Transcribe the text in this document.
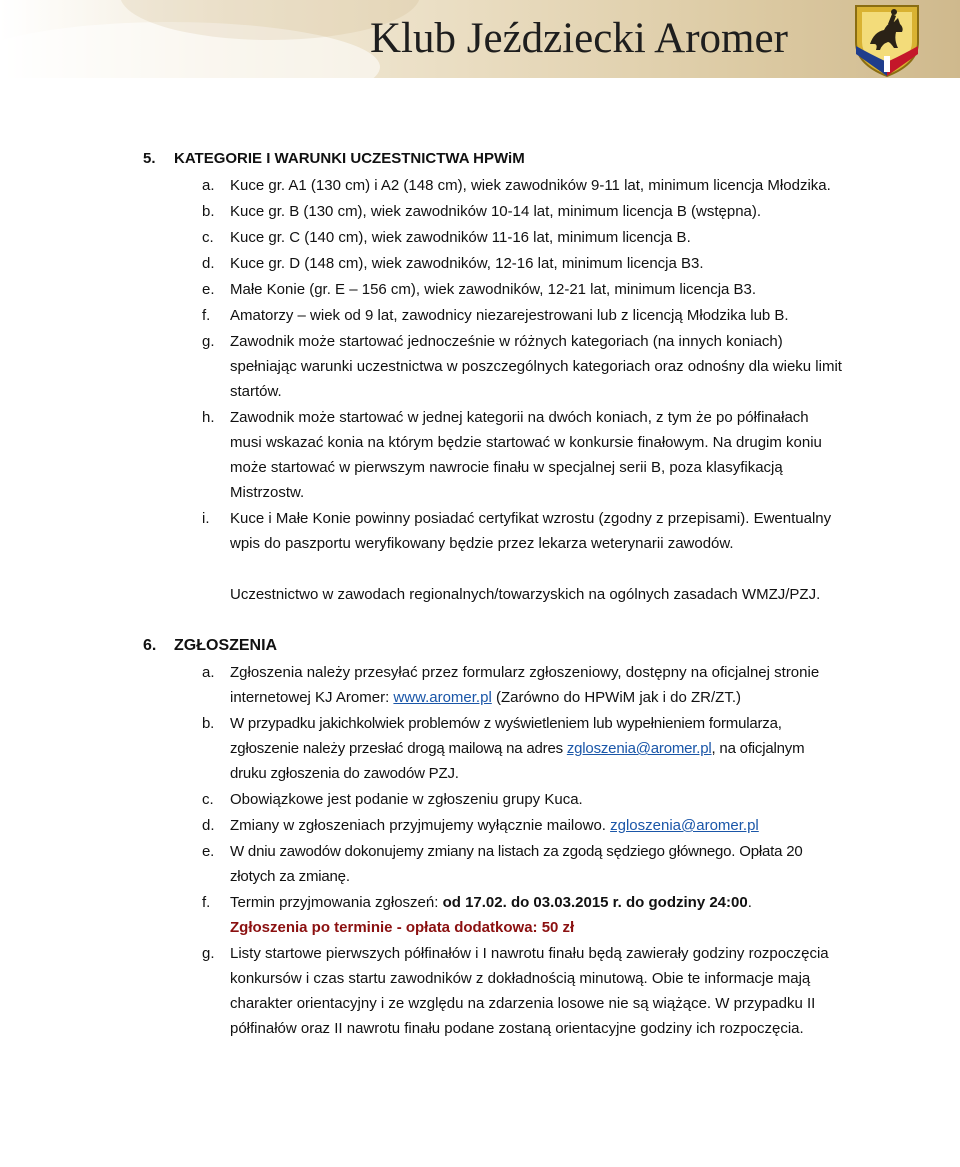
Klub Jeździecki Aromer
5. KATEGORIE I WARUNKI UCZESTNICTWA HPWiM
a. Kuce gr. A1 (130 cm) i A2 (148 cm), wiek zawodników 9-11 lat, minimum licencja Młodzika.
b. Kuce gr. B (130 cm), wiek zawodników 10-14 lat, minimum licencja B (wstępna).
c. Kuce gr. C (140 cm), wiek zawodników 11-16 lat, minimum licencja B.
d. Kuce gr. D (148 cm), wiek zawodników, 12-16 lat, minimum licencja B3.
e. Małe Konie (gr. E – 156 cm), wiek zawodników, 12-21 lat, minimum licencja B3.
f. Amatorzy – wiek od 9 lat, zawodnicy niezarejestrowani lub z licencją Młodzika lub B.
g. Zawodnik może startować jednocześnie w różnych kategoriach (na innych koniach) spełniając warunki uczestnictwa w poszczególnych kategoriach oraz odnośny dla wieku limit startów.
h. Zawodnik może startować w jednej kategorii na dwóch koniach, z tym że po półfinałach musi wskazać konia na którym będzie startować w konkursie finałowym. Na drugim koniu może startować w pierwszym nawrocie finału w specjalnej serii B, poza klasyfikacją Mistrzostw.
i. Kuce i Małe Konie powinny posiadać certyfikat wzrostu (zgodny z przepisami). Ewentualny wpis do paszportu weryfikowany będzie przez lekarza weterynarii zawodów.
Uczestnictwo w zawodach regionalnych/towarzyskich na ogólnych zasadach WMZJ/PZJ.
6. ZGŁOSZENIA
a. Zgłoszenia należy przesyłać przez formularz zgłoszeniowy, dostępny na oficjalnej stronie internetowej KJ Aromer: www.aromer.pl (Zarówno do HPWiM jak i do ZR/ZT.)
b. W przypadku jakichkolwiek problemów z wyświetleniem lub wypełnieniem formularza, zgłoszenie należy przesłać drogą mailową na adres zgloszenia@aromer.pl, na oficjalnym druku zgłoszenia do zawodów PZJ.
c. Obowiązkowe jest podanie w zgłoszeniu grupy Kuca.
d. Zmiany w zgłoszeniach przyjmujemy wyłącznie mailowo. zgloszenia@aromer.pl
e. W dniu zawodów dokonujemy zmiany na listach za zgodą sędziego głównego. Opłata 20 złotych za zmianę.
f. Termin przyjmowania zgłoszeń: od 17.02. do 03.03.2015 r. do godziny 24:00.
Zgłoszenia po terminie - opłata dodatkowa: 50 zł
g. Listy startowe pierwszych półfinałów i I nawrotu finału będą zawierały godziny rozpoczęcia konkursów i czas startu zawodników z dokładnością minutową. Obie te informacje mają charakter orientacyjny i ze względu na zdarzenia losowe nie są wiążące. W przypadku II półfinałów oraz II nawrotu finału podane zostaną orientacyjne godziny ich rozpoczęcia.
